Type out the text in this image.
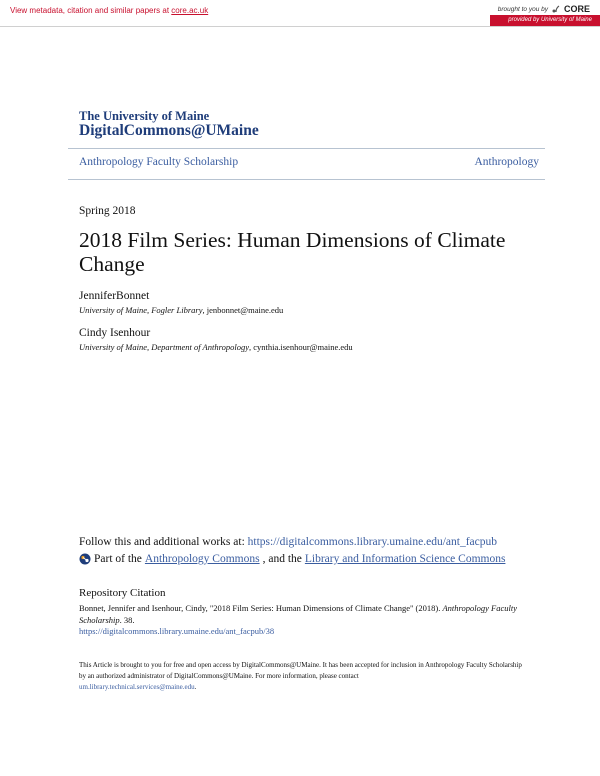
View metadata, citation and similar papers at core.ac.uk	brought to you by CORE
provided by University of Maine
The University of Maine
DigitalCommons@UMaine
Anthropology Faculty Scholarship	Anthropology
Spring 2018
2018 Film Series: Human Dimensions of Climate
Change
JenniferBonnet
University of Maine, Fogler Library, jenbonnet@maine.edu
Cindy Isenhour
University of Maine, Department of Anthropology, cynthia.isenhour@maine.edu
Follow this and additional works at: https://digitalcommons.library.umaine.edu/ant_facpub
Part of the Anthropology Commons , and the Library and Information Science Commons
Repository Citation
Bonnet, Jennifer and Isenhour, Cindy, "2018 Film Series: Human Dimensions of Climate Change" (2018). Anthropology Faculty Scholarship. 38.
https://digitalcommons.library.umaine.edu/ant_facpub/38
This Article is brought to you for free and open access by DigitalCommons@UMaine. It has been accepted for inclusion in Anthropology Faculty Scholarship by an authorized administrator of DigitalCommons@UMaine. For more information, please contact
um.library.technical.services@maine.edu.
